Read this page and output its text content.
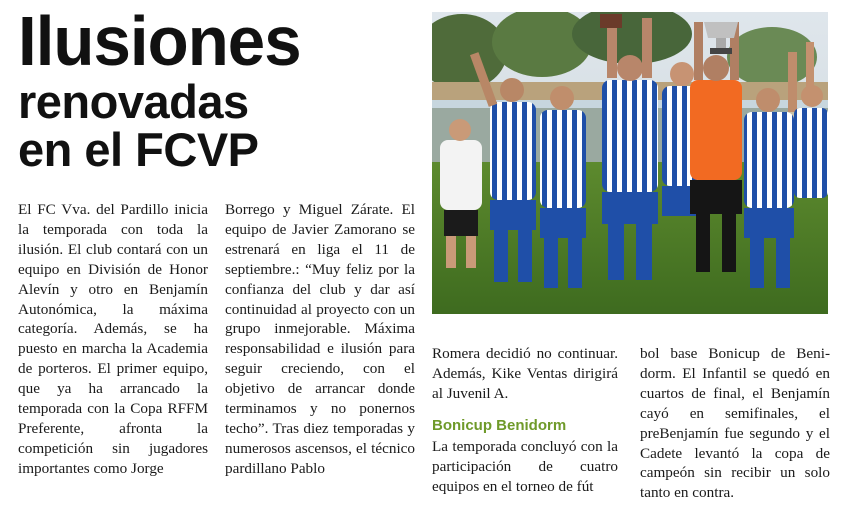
Ilusiones
renovadas
en el FCVP

El FC Vva. del Pardillo inicia la temporada con toda la ilusión. El club contará con un equipo en División de Honor Alevín y otro en Benjamín Autonómica, la máxima categoría. Además, se ha puesto en marcha la Academia de porteros. El primer equipo, que ya ha arrancado la temporada con la Copa RFFM Preferente, afronta la competición sin jugadores importantes como Jorge

Borrego y Miguel Zárate. El equipo de Javier Zamorano se estrenará en liga el 11 de septiembre.: “Muy feliz por la confianza del club y dar así continuidad al proyecto con un grupo inmejorable. Máxima responsabilidad e ilusión para seguir creciendo, con el objetivo de arrancar donde terminamos y no ponernos techo”. Tras diez temporadas y numerosos ascensos, el técnico pardillano Pablo

Romera decidió no continuar. Además, Kike Ventas dirigirá al Juvenil A.

Bonicup Benidorm

La temporada concluyó con la participación de cuatro equipos en el torneo de fút

bol base Bonicup de Benidorm. El Infantil se quedó en cuartos de final, el Benjamín cayó en semifinales, el preBenjamín fue segundo y el Cadete levantó la copa de campeón sin recibir un solo tanto en contra.
